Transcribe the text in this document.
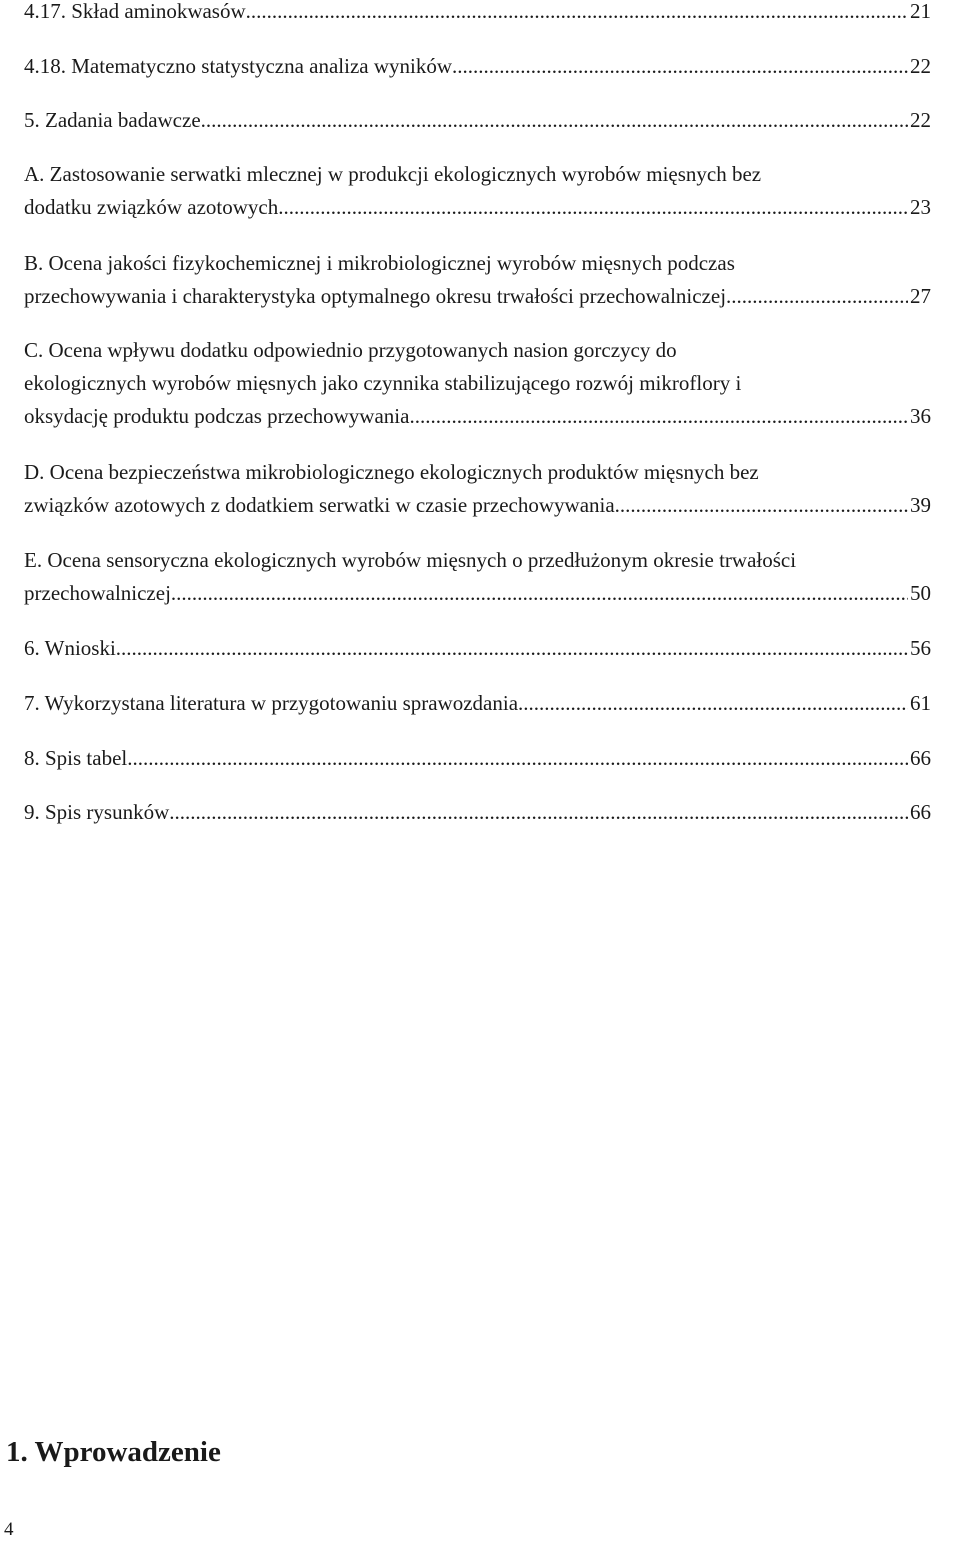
4.17. Skład aminokwasów .....	21
4.18. Matematyczno statystyczna analiza wyników .....	22
5. Zadania badawcze .....	22
A. Zastosowanie serwatki mlecznej w produkcji ekologicznych wyrobów mięsnych bez
dodatku związków azotowych .....	23
B. Ocena jakości fizykochemicznej i mikrobiologicznej wyrobów mięsnych podczas
przechowywania i charakterystyka optymalnego okresu trwałości przechowalniczej. .....	27
C. Ocena wpływu dodatku odpowiednio przygotowanych nasion gorczycy do
ekologicznych wyrobów mięsnych jako czynnika stabilizującego rozwój mikroflory i
oksydację produktu podczas przechowywania. .....	36
D. Ocena bezpieczeństwa mikrobiologicznego ekologicznych produktów mięsnych bez
związków azotowych z dodatkiem serwatki w czasie przechowywania. .....	39
E. Ocena sensoryczna ekologicznych wyrobów mięsnych o przedłużonym okresie trwałości
przechowalniczej. .....	50
6. Wnioski .....	56
7. Wykorzystana literatura w przygotowaniu sprawozdania .....	61
8. Spis tabel .....	66
9. Spis rysunków .....	66
1. Wprowadzenie
4
